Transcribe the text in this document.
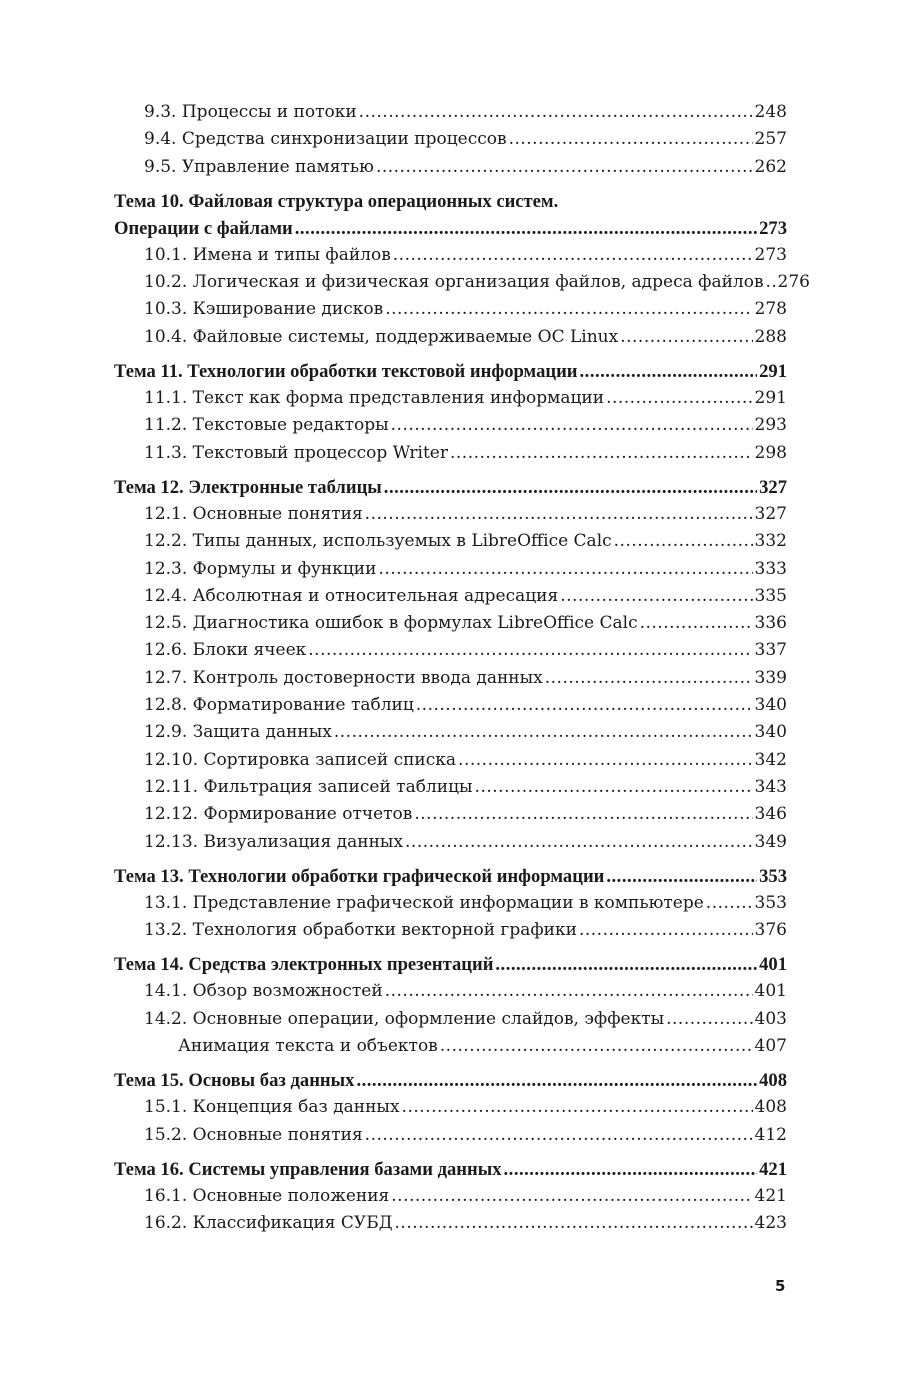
9.3. Процессы и потоки .....	248
9.4. Средства синхронизации процессов .....	257
9.5. Управление памятью .....	262
Тема 10. Файловая структура операционных систем.
Операции с файлами .....	273
10.1. Имена и типы файлов .....	273
10.2. Логическая и физическая организация файлов, адреса файлов ..... 276
10.3. Кэширование дисков .....	278
10.4. Файловые системы, поддерживаемые ОС Linux .....	288
Тема 11. Технологии обработки текстовой информации .....	291
11.1. Текст как форма представления информации .....	291
11.2. Текстовые редакторы .....	293
11.3. Текстовый процессор Writer .....	298
Тема 12. Электронные таблицы .....	327
12.1. Основные понятия .....	327
12.2. Типы данных, используемых в LibreOffice Calc .....	332
12.3. Формулы и функции .....	333
12.4. Абсолютная и относительная адресация .....	335
12.5. Диагностика ошибок в формулах LibreOffice Calc .....	336
12.6. Блоки ячеек .....	337
12.7. Контроль достоверности ввода данных .....	339
12.8. Форматирование таблиц .....	340
12.9. Защита данных .....	340
12.10. Сортировка записей списка .....	342
12.11. Фильтрация записей таблицы .....	343
12.12. Формирование отчетов .....	346
12.13. Визуализация данных .....	349
Тема 13. Технологии обработки графической информации .....	353
13.1. Представление графической информации в компьютере .....	353
13.2. Технология обработки векторной графики .....	376
Тема 14. Средства электронных презентаций .....	401
14.1. Обзор возможностей .....	401
14.2. Основные операции, оформление слайдов, эффекты .....	403
Анимация текста и объектов .....	407
Тема 15. Основы баз данных .....	408
15.1. Концепция баз данных .....	408
15.2. Основные понятия .....	412
Тема 16. Системы управления базами данных .....	421
16.1. Основные положения .....	421
16.2. Классификация СУБД .....	423
5
